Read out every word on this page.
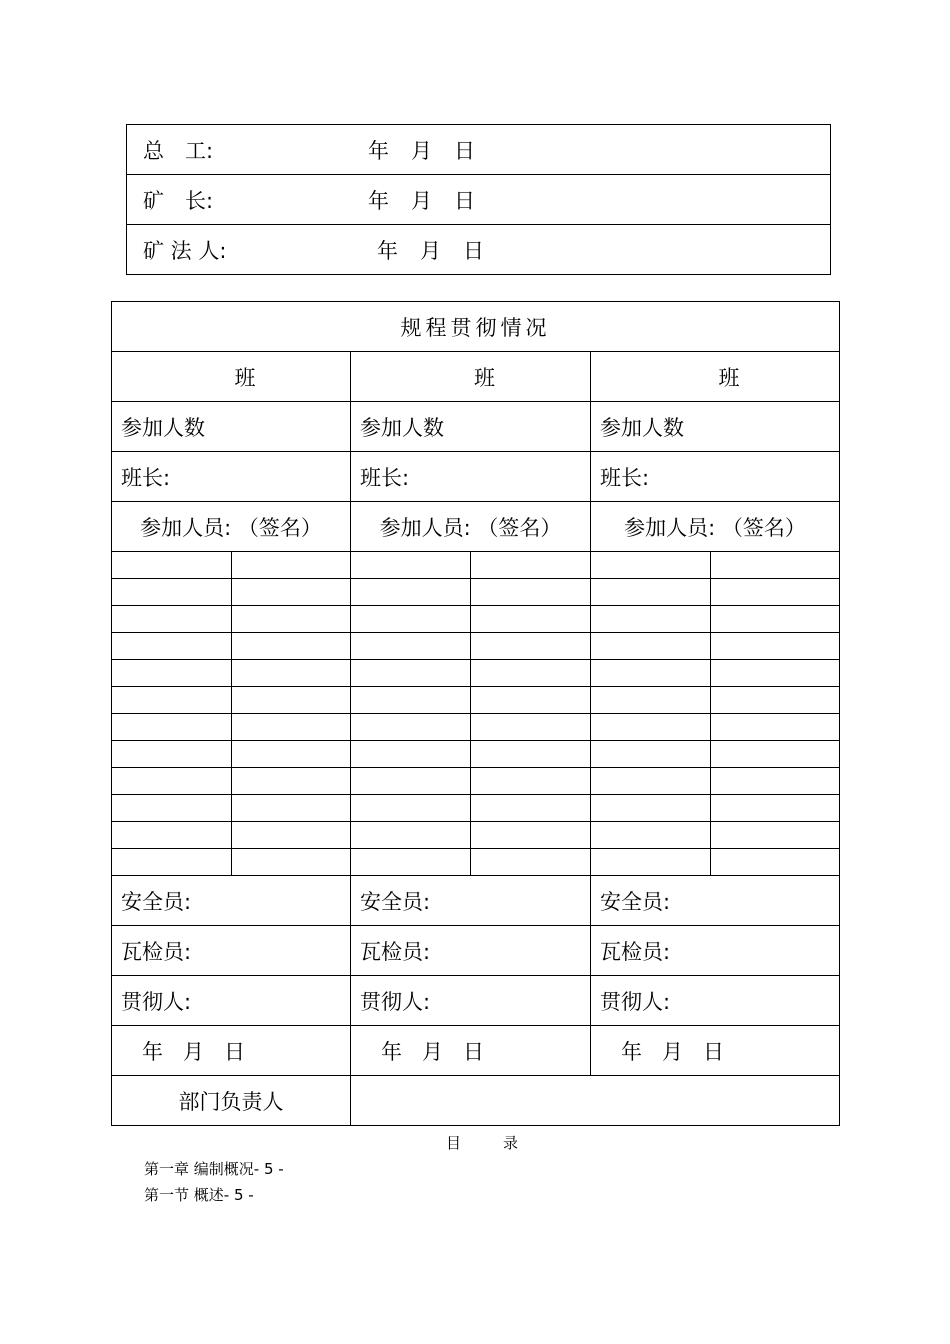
总　工:	年 月 日
矿　长:	年 月 日
矿 法 人:	年 月 日
规程贯彻情况					
班		班		班	
参加人数		参加人数		参加人数	
班长:		班长:		班长:	
参加人员: （签名）		参加人员: （签名）		参加人员: （签名）	

安全员:		安全员:		安全员:	
瓦检员:		瓦检员:		瓦检员:	
贯彻人:		贯彻人:		贯彻人:	
年 月 日		年 月 日		年 月 日	
部门负责人					
目录
第一章 编制概况- 5 -
第一节 概述- 5 -
